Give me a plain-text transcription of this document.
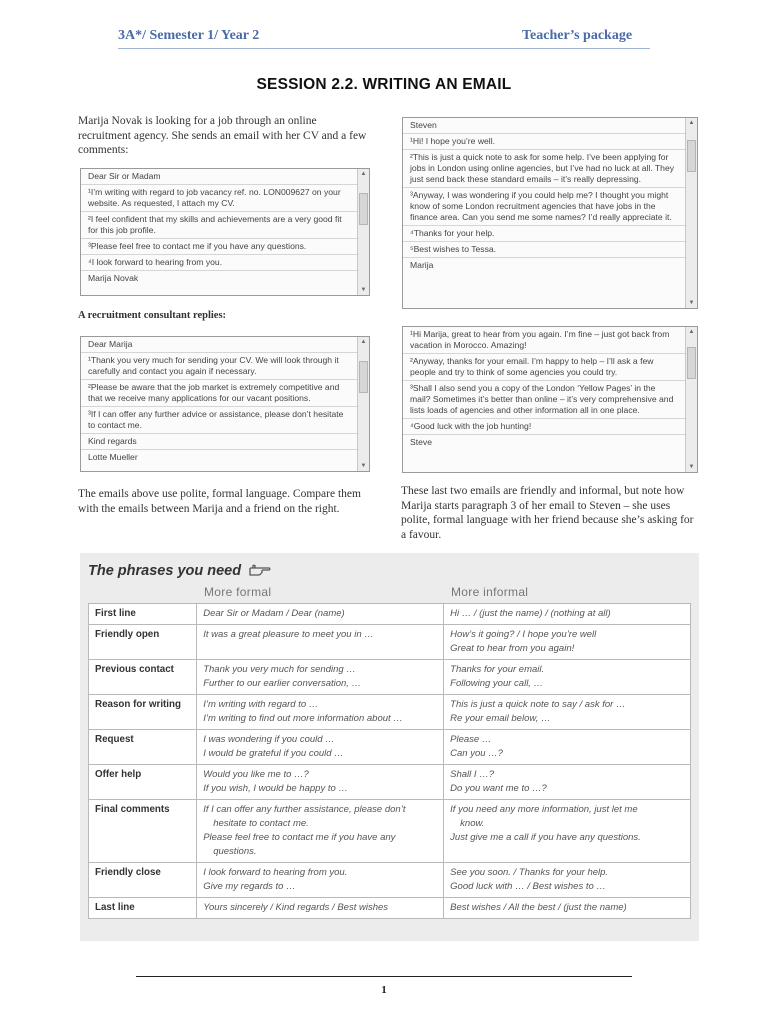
3A*/ Semester 1/ Year 2	Teacher’s package
SESSION 2.2. WRITING AN EMAIL
Marija Novak is looking for a job through an online recruitment agency. She sends an email with her CV and a few comments:
Dear Sir or Madam
¹I’m writing with regard to job vacancy ref. no. LON009627 on your website. As requested, I attach my CV.
²I feel confident that my skills and achievements are a very good fit for this job profile.
³Please feel free to contact me if you have any questions.
⁴I look forward to hearing from you.
Marija Novak
▲
▼
A recruitment consultant replies:
Dear Marija
¹Thank you very much for sending your CV. We will look through it carefully and contact you again if necessary.
²Please be aware that the job market is extremely competitive and that we receive many applications for our vacant positions.
³If I can offer any further advice or assistance, please don’t hesitate to contact me.
Kind regards
Lotte Mueller
▲
▼
Steven
¹Hi! I hope you’re well.
²This is just a quick note to ask for some help. I’ve been applying for jobs in London using online agencies, but I’ve had no luck at all. They just send back these standard emails – it’s really depressing.
³Anyway, I was wondering if you could help me? I thought you might know of some London recruitment agencies that have jobs in the finance area. Can you send me some names? I’d really appreciate it.
⁴Thanks for your help.
⁵Best wishes to Tessa.
Marija
▲
▼
¹Hi Marija, great to hear from you again. I’m fine – just got back from vacation in Morocco. Amazing!
²Anyway, thanks for your email. I’m happy to help – I’ll ask a few people and try to think of some agencies you could try.
³Shall I also send you a copy of the London ‘Yellow Pages’ in the mail? Sometimes it’s better than online – it’s very comprehensive and lists loads of agencies and other information all in one place.
⁴Good luck with the job hunting!
Steve
▲
▼
The emails above use polite, formal language. Compare them with the emails between Marija and a friend on the right.
These last two emails are friendly and informal, but note how Marija starts paragraph 3 of her email to Steven – she uses polite, formal language with her friend because she’s asking for a favour.
The phrases you need
More formal	More informal
First line	Dear Sir or Madam / Dear (name)	Hi … / (just the name) / (nothing at all)

Friendly open	It was a great pleasure to meet you in …	How’s it going? / I hope you’re well
Great to hear from you again!

Previous contact	Thank you very much for sending …
Further to our earlier conversation, …	Thanks for your email.
Following your call, …

Reason for writing	I’m writing with regard to …
I’m writing to find out more information about …	This is just a quick note to say / ask for …
Re your email below, …

Request	I was wondering if you could …
I would be grateful if you could …	Please …
Can you …?

Offer help	Would you like me to …?
If you wish, I would be happy to …	Shall I …?
Do you want me to …?

Final comments	If I can offer any further assistance, please don’t
hesitate to contact me.
Please feel free to contact me if you have any
questions.	If you need any more information, just let me
know.
Just give me a call if you have any questions.

Friendly close	I look forward to hearing from you.
Give my regards to …	See you soon. / Thanks for your help.
Good luck with … / Best wishes to …

Last line	Yours sincerely / Kind regards / Best wishes	Best wishes / All the best / (just the name)
1
